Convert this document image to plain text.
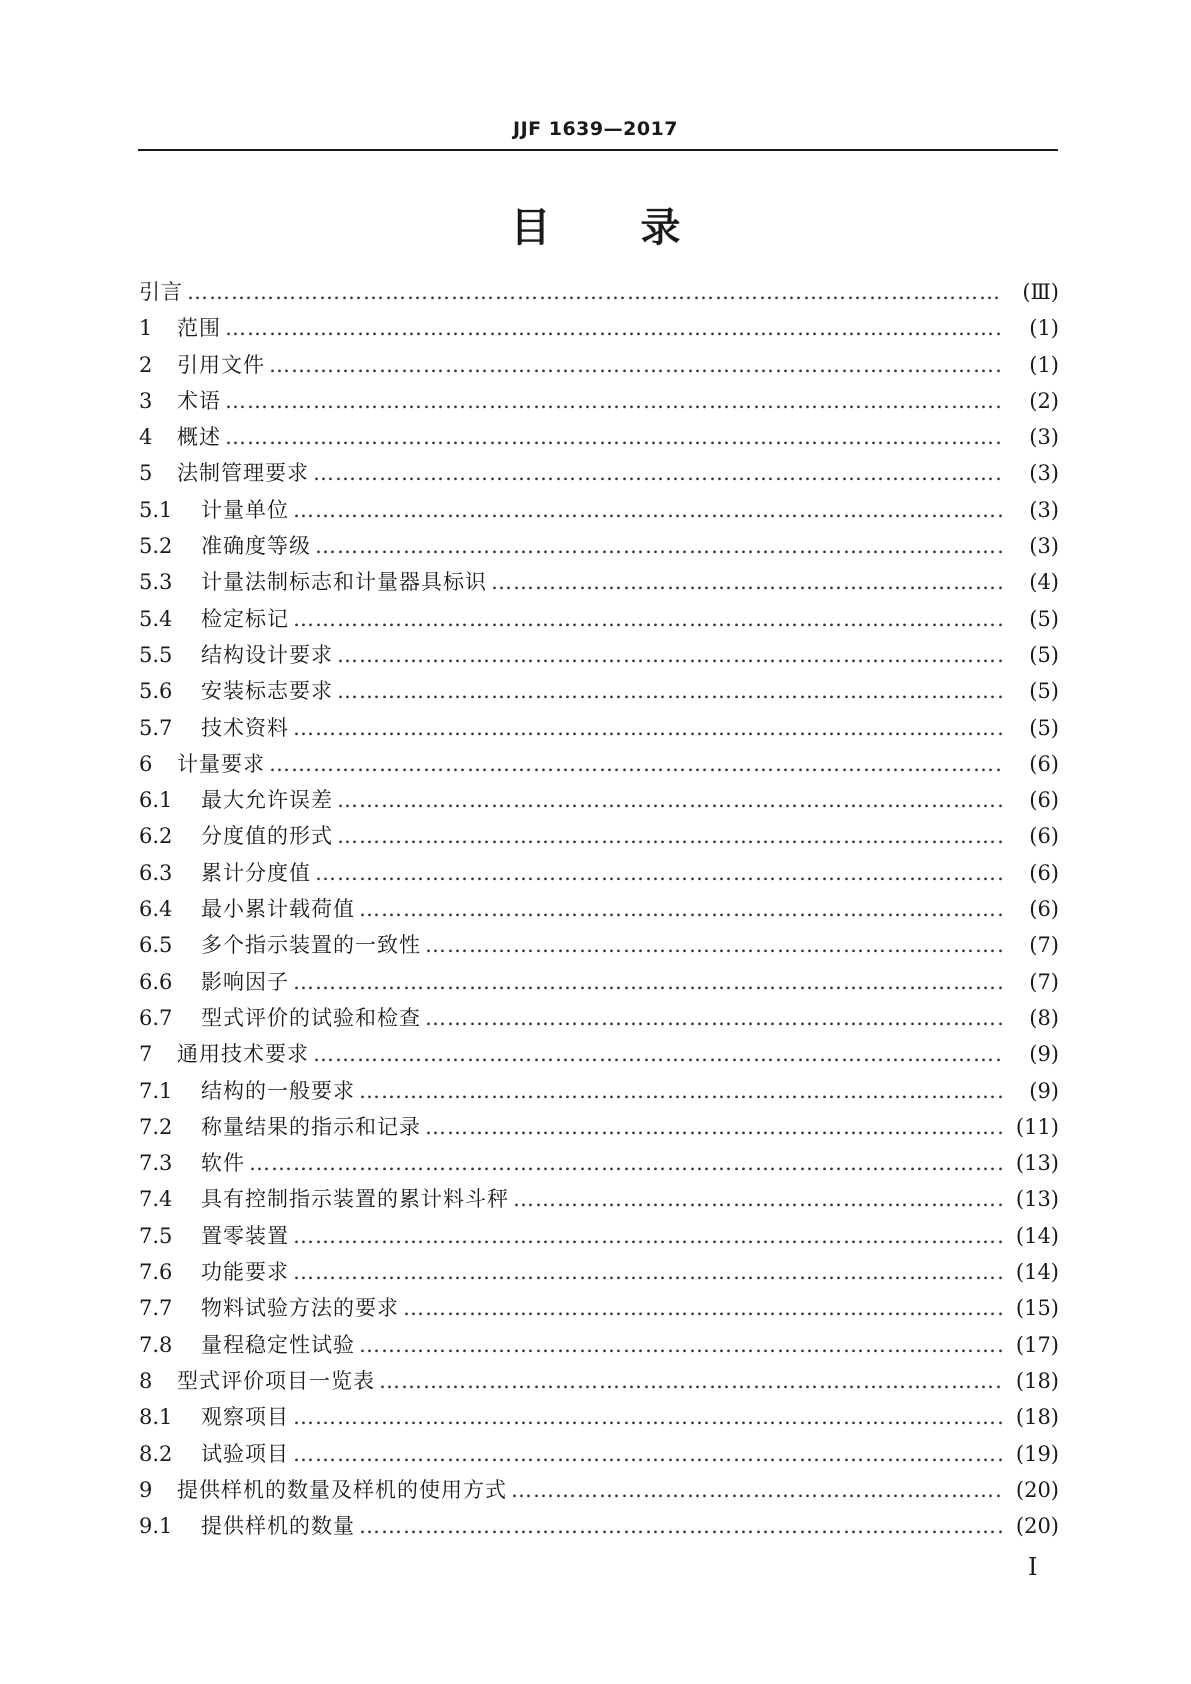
JJF 1639—2017
目 录
引言 ……………………………………………………………………………………………………………………………………………………………………………………………………	(Ⅲ)
1	范围 ……………………………………………………………………………………………………………………………………………………………………………………………………	(1)
2	引用文件 ……………………………………………………………………………………………………………………………………………………………………………………………………	(1)
3	术语 ……………………………………………………………………………………………………………………………………………………………………………………………………	(2)
4	概述 ……………………………………………………………………………………………………………………………………………………………………………………………………	(3)
5	法制管理要求 ……………………………………………………………………………………………………………………………………………………………………………………………………	(3)
5.1	计量单位 ……………………………………………………………………………………………………………………………………………………………………………………………………	(3)
5.2	准确度等级 ……………………………………………………………………………………………………………………………………………………………………………………………………	(3)
5.3	计量法制标志和计量器具标识 ……………………………………………………………………………………………………………………………………………………………………………………………………	(4)
5.4	检定标记 ……………………………………………………………………………………………………………………………………………………………………………………………………	(5)
5.5	结构设计要求 ……………………………………………………………………………………………………………………………………………………………………………………………………	(5)
5.6	安装标志要求 ……………………………………………………………………………………………………………………………………………………………………………………………………	(5)
5.7	技术资料 ……………………………………………………………………………………………………………………………………………………………………………………………………	(5)
6	计量要求 ……………………………………………………………………………………………………………………………………………………………………………………………………	(6)
6.1	最大允许误差 ……………………………………………………………………………………………………………………………………………………………………………………………………	(6)
6.2	分度值的形式 ……………………………………………………………………………………………………………………………………………………………………………………………………	(6)
6.3	累计分度值 ……………………………………………………………………………………………………………………………………………………………………………………………………	(6)
6.4	最小累计载荷值 ……………………………………………………………………………………………………………………………………………………………………………………………………	(6)
6.5	多个指示装置的一致性 ……………………………………………………………………………………………………………………………………………………………………………………………………	(7)
6.6	影响因子 ……………………………………………………………………………………………………………………………………………………………………………………………………	(7)
6.7	型式评价的试验和检查 ……………………………………………………………………………………………………………………………………………………………………………………………………	(8)
7	通用技术要求 ……………………………………………………………………………………………………………………………………………………………………………………………………	(9)
7.1	结构的一般要求 ……………………………………………………………………………………………………………………………………………………………………………………………………	(9)
7.2	称量结果的指示和记录 ……………………………………………………………………………………………………………………………………………………………………………………………………	(11)
7.3	软件 ……………………………………………………………………………………………………………………………………………………………………………………………………	(13)
7.4	具有控制指示装置的累计料斗秤 ……………………………………………………………………………………………………………………………………………………………………………………………………	(13)
7.5	置零装置 ……………………………………………………………………………………………………………………………………………………………………………………………………	(14)
7.6	功能要求 ……………………………………………………………………………………………………………………………………………………………………………………………………	(14)
7.7	物料试验方法的要求 ……………………………………………………………………………………………………………………………………………………………………………………………………	(15)
7.8	量程稳定性试验 ……………………………………………………………………………………………………………………………………………………………………………………………………	(17)
8	型式评价项目一览表 ……………………………………………………………………………………………………………………………………………………………………………………………………	(18)
8.1	观察项目 ……………………………………………………………………………………………………………………………………………………………………………………………………	(18)
8.2	试验项目 ……………………………………………………………………………………………………………………………………………………………………………………………………	(19)
9	提供样机的数量及样机的使用方式 ……………………………………………………………………………………………………………………………………………………………………………………………………	(20)
9.1	提供样机的数量 ……………………………………………………………………………………………………………………………………………………………………………………………………	(20)
I
